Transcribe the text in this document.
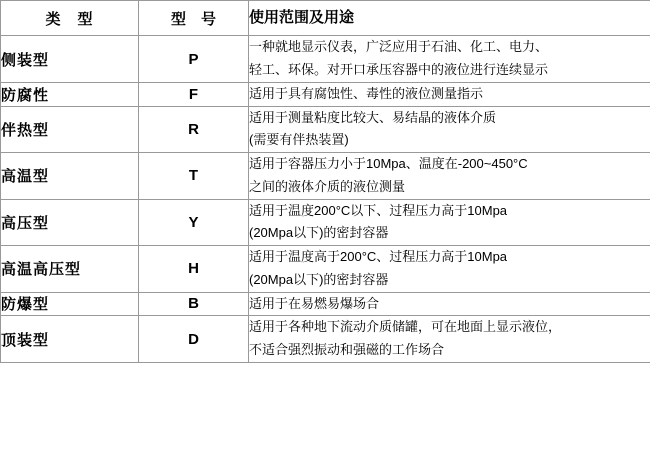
类　型	型　号	使用范围及用途
侧装型	P	一种就地显示仪表，广泛应用于石油、化工、电力、
轻工、环保。对开口承压容器中的液位进行连续显示

防腐性	F	适用于具有腐蚀性、毒性的液位测量指示

伴热型	R	适用于测量粘度比较大、易结晶的液体介质
(需要有伴热装置)

高温型	T	适用于容器压力小于10Mpa、温度在-200~450°C
之间的液体介质的液位测量

高压型	Y	适用于温度200°C以下、过程压力高于10Mpa
(20Mpa以下)的密封容器

高温高压型	H	适用于温度高于200°C、过程压力高于10Mpa
(20Mpa以下)的密封容器

防爆型	B	适用于在易燃易爆场合

顶装型	D	适用于各种地下流动介质储罐，可在地面上显示液位，
不适合强烈振动和强磁的工作场合
